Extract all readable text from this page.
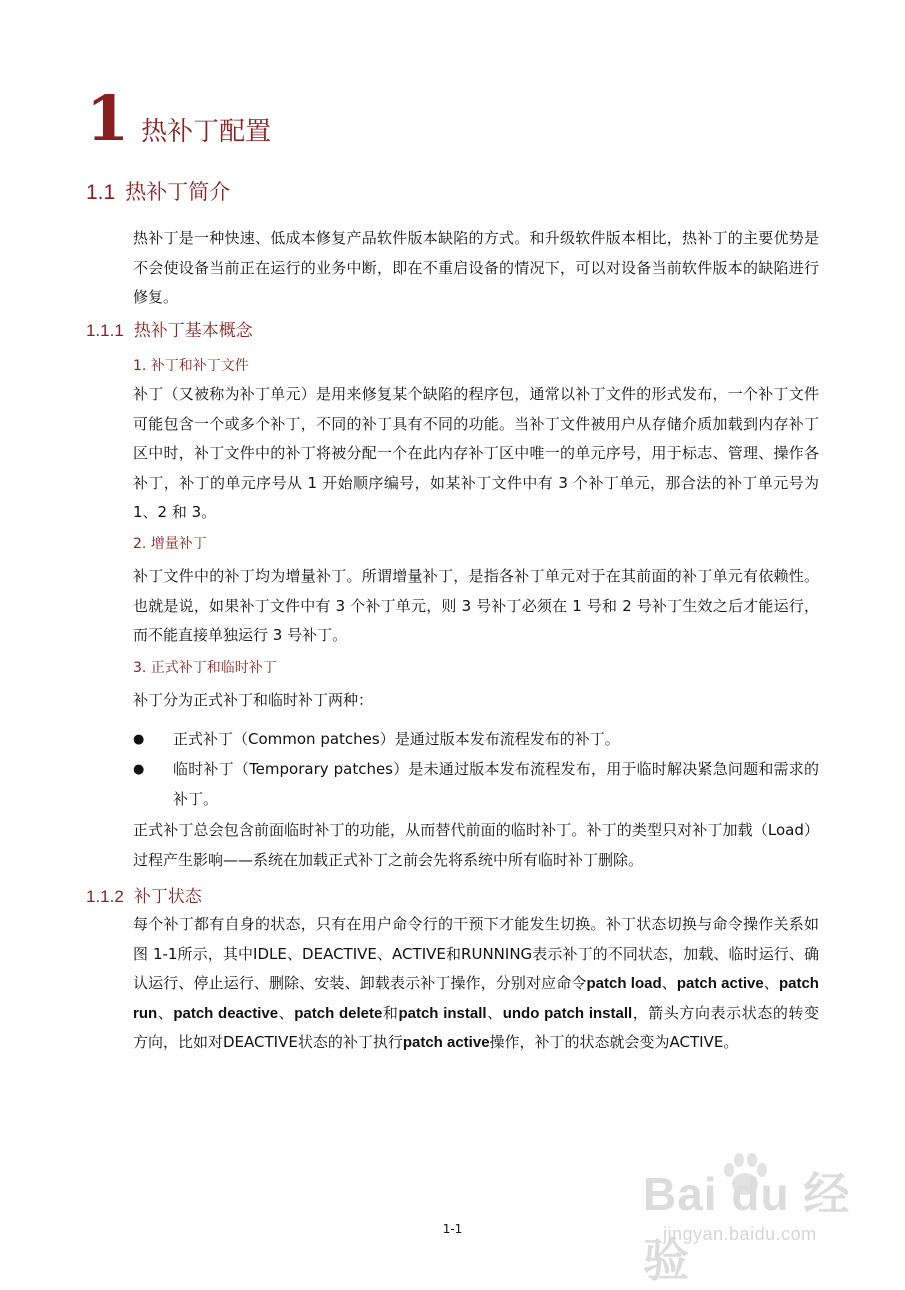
1 热补丁配置
1.1 热补丁简介

热补丁是一种快速、低成本修复产品软件版本缺陷的方式。和升级软件版本相比，热补丁的主要优势是不会使设备当前正在运行的业务中断，即在不重启设备的情况下，可以对设备当前软件版本的缺陷进行修复。

1.1.1 热补丁基本概念
1. 补丁和补丁文件

补丁（又被称为补丁单元）是用来修复某个缺陷的程序包，通常以补丁文件的形式发布，一个补丁文件可能包含一个或多个补丁，不同的补丁具有不同的功能。当补丁文件被用户从存储介质加载到内存补丁区中时，补丁文件中的补丁将被分配一个在此内存补丁区中唯一的单元序号，用于标志、管理、操作各补丁，补丁的单元序号从 1 开始顺序编号，如某补丁文件中有 3 个补丁单元，那合法的补丁单元号为 1、2 和 3。

2. 增量补丁

补丁文件中的补丁均为增量补丁。所谓增量补丁，是指各补丁单元对于在其前面的补丁单元有依赖性。也就是说，如果补丁文件中有 3 个补丁单元，则 3 号补丁必须在 1 号和 2 号补丁生效之后才能运行，而不能直接单独运行 3 号补丁。

3. 正式补丁和临时补丁

补丁分为正式补丁和临时补丁两种：

● 正式补丁（Common patches）是通过版本发布流程发布的补丁。
● 临时补丁（Temporary patches）是未通过版本发布流程发布，用于临时解决紧急问题和需求的补丁。

正式补丁总会包含前面临时补丁的功能，从而替代前面的临时补丁。补丁的类型只对补丁加载（Load）过程产生影响——系统在加载正式补丁之前会先将系统中所有临时补丁删除。

1.1.2 补丁状态

每个补丁都有自身的状态，只有在用户命令行的干预下才能发生切换。补丁状态切换与命令操作关系如 图 1-1所示，其中IDLE、DEACTIVE、ACTIVE和RUNNING表示补丁的不同状态，加载、临时运行、确认运行、停止运行、删除、安装、卸载表示补丁操作，分别对应命令patch load、patch active、patch run、patch deactive、patch delete和patch install、undo patch install，箭头方向表示状态的转变方向，比如对DEACTIVE状态的补丁执行patch active操作，补丁的状态就会变为ACTIVE。

Bai du 经验
jingyan.baidu.com
1-1
